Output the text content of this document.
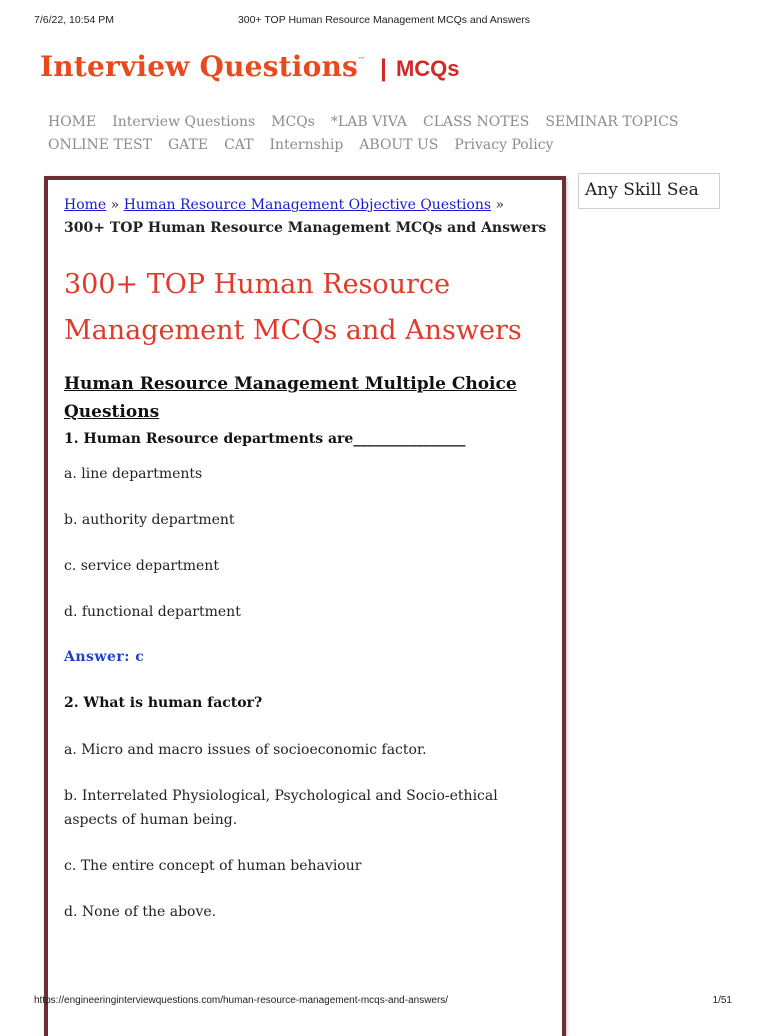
7/6/22, 10:54 PM	300+ TOP Human Resource Management MCQs and Answers
Interview Questions™ | MCQs
HOME Interview Questions MCQs *LAB VIVA CLASS NOTES SEMINAR TOPICS
ONLINE TEST GATE CAT Internship ABOUT US Privacy Policy
Home » Human Resource Management Objective Questions » 300+ TOP Human Resource Management MCQs and Answers
300+ TOP Human Resource Management MCQs and Answers
Human Resource Management Multiple Choice Questions
1. Human Resource departments are________________
a. line departments
b. authority department
c. service department
d. functional department
Answer: c
2. What is human factor?
a. Micro and macro issues of socioeconomic factor.
b. Interrelated Physiological, Psychological and Socio-ethical aspects of human being.
c. The entire concept of human behaviour
d. None of the above.
Any Skill Sea
https://engineeringinterviewquestions.com/human-resource-management-mcqs-and-answers/	1/51
